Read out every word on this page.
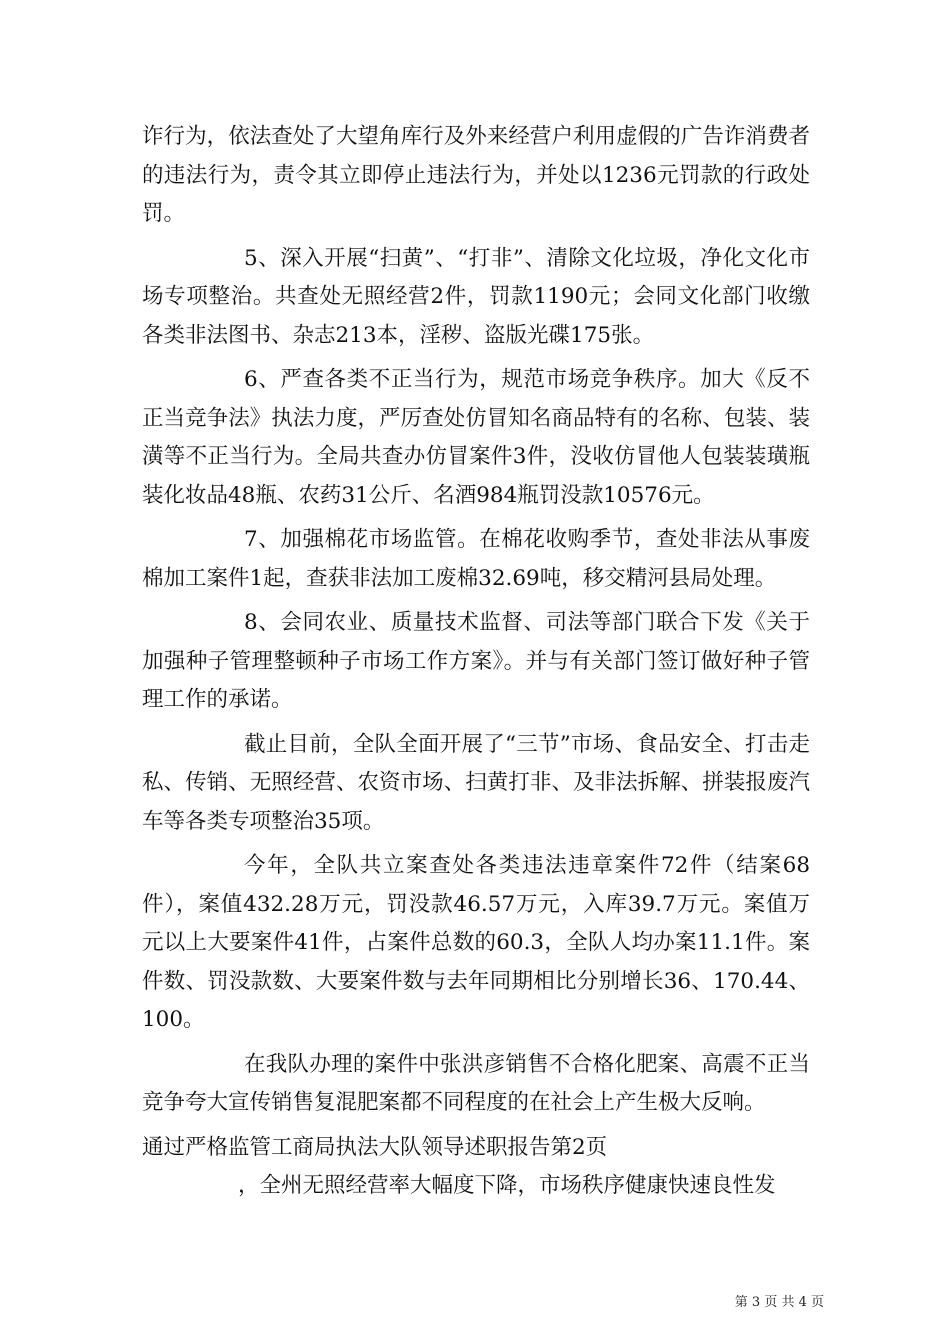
诈行为，依法查处了大望角库行及外来经营户利用虚假的广告诈消费者的违法行为，责令其立即停止违法行为，并处以1236元罚款的行政处罚。

5、深入开展“扫黄”、“打非”、清除文化垃圾，净化文化市场专项整治。共查处无照经营2件，罚款1190元；会同文化部门收缴各类非法图书、杂志213本，淫秽、盗版光碟175张。

6、严查各类不正当行为，规范市场竞争秩序。加大《反不正当竞争法》执法力度，严厉查处仿冒知名商品特有的名称、包装、装潢等不正当行为。全局共查办仿冒案件3件，没收仿冒他人包装装璜瓶装化妆品48瓶、农药31公斤、名酒984瓶罚没款10576元。

7、加强棉花市场监管。在棉花收购季节，查处非法从事废棉加工案件1起，查获非法加工废棉32.69吨，移交精河县局处理。

8、会同农业、质量技术监督、司法等部门联合下发《关于加强种子管理整顿种子市场工作方案》。并与有关部门签订做好种子管理工作的承诺。

截止目前，全队全面开展了“三节”市场、食品安全、打击走私、传销、无照经营、农资市场、扫黄打非、及非法拆解、拼装报废汽车等各类专项整治35项。

今年，全队共立案查处各类违法违章案件72件（结案68件），案值432.28万元，罚没款46.57万元，入库39.7万元。案值万元以上大要案件41件，占案件总数的60.3，全队人均办案11.1件。案件数、罚没款数、大要案件数与去年同期相比分别增长36、170.44、100。

在我队办理的案件中张洪彦销售不合格化肥案、高震不正当竞争夸大宣传销售复混肥案都不同程度的在社会上产生极大反响。

通过严格监管工商局执法大队领导述职报告第2页

，全州无照经营率大幅度下降，市场秩序健康快速良性发

第 3 页 共 4 页
